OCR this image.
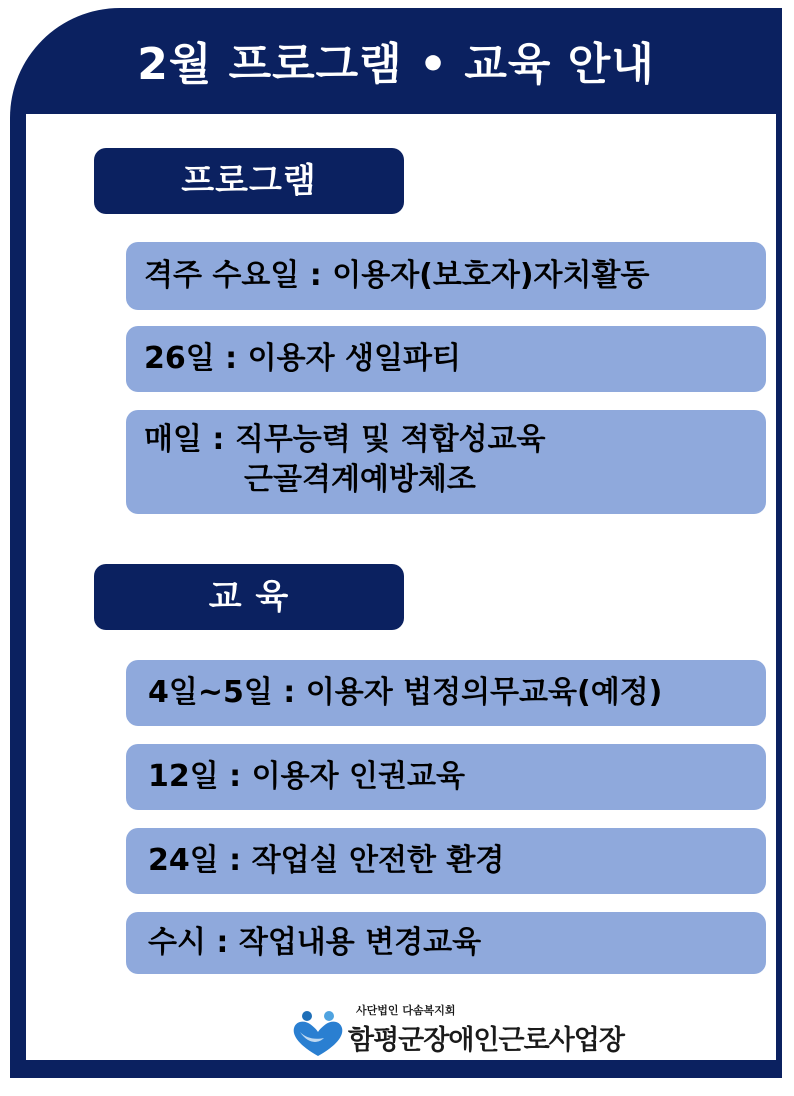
2월 프로그램 • 교육 안내
프로그램
격주 수요일 : 이용자(보호자)자치활동
26일 : 이용자 생일파티
매일 : 직무능력 및 적합성교육
근골격계예방체조
교 육
4일~5일 : 이용자 법정의무교육(예정)
12일 : 이용자 인권교육
24일 : 작업실 안전한 환경
수시 : 작업내용 변경교육
사단법인 다솜복지회
함평군장애인근로사업장
